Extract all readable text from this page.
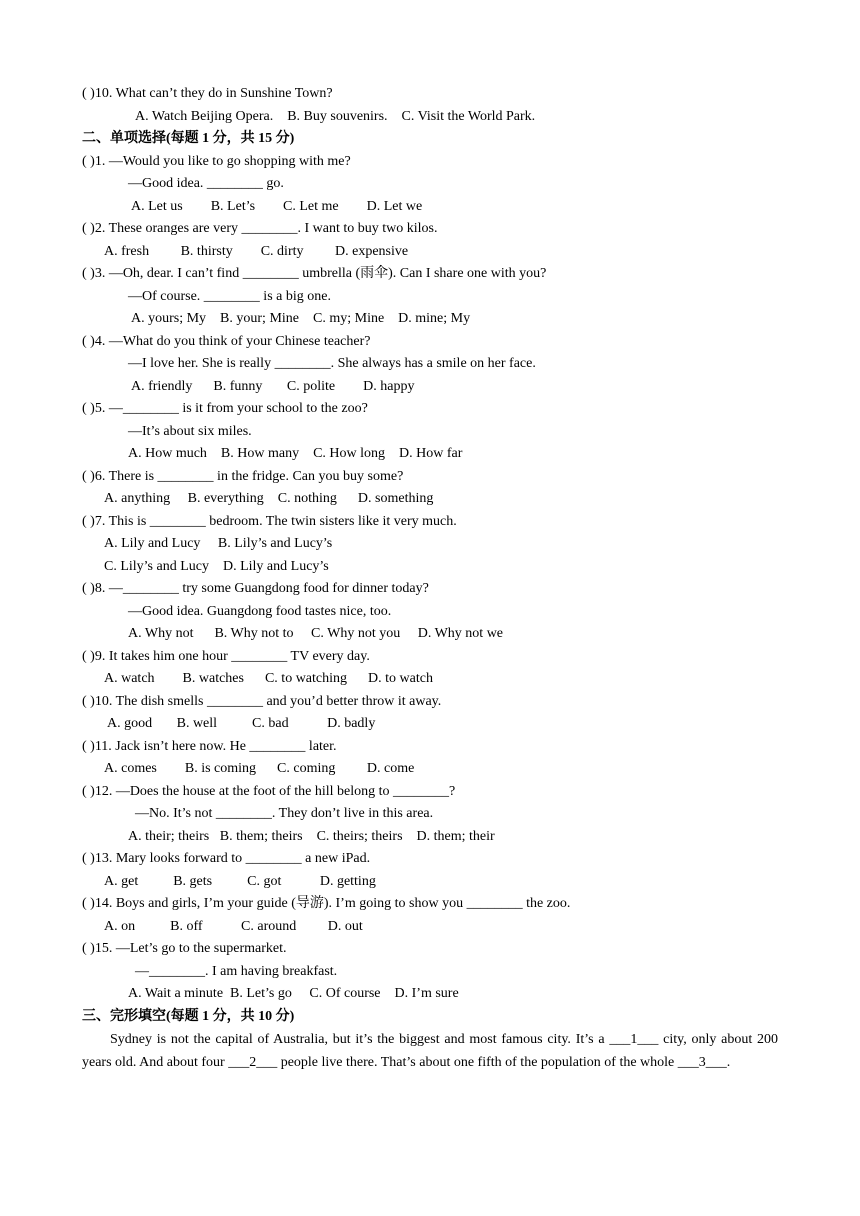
( )10. What can’t they do in Sunshine Town?
A. Watch Beijing Opera.    B. Buy souvenirs.    C. Visit the World Park.
二、单项选择(每题 1 分，共 15 分)
( )1. —Would you like to go shopping with me?
—Good idea. ________ go.
A. Let us        B. Let’s        C. Let me        D. Let we
( )2. These oranges are very ________. I want to buy two kilos.
A. fresh         B. thirsty        C. dirty         D. expensive
( )3. —Oh, dear. I can’t find ________ umbrella (雨伞). Can I share one with you?
—Of course. ________ is a big one.
A. yours; My    B. your; Mine    C. my; Mine    D. mine; My
( )4. —What do you think of your Chinese teacher?
—I love her. She is really ________. She always has a smile on her face.
A. friendly      B. funny       C. polite        D. happy
( )5. —________ is it from your school to the zoo?
—It’s about six miles.
A. How much    B. How many    C. How long    D. How far
( )6. There is ________ in the fridge. Can you buy some?
A. anything     B. everything    C. nothing      D. something
( )7. This is ________ bedroom. The twin sisters like it very much.
A. Lily and Lucy     B. Lily’s and Lucy’s
C. Lily’s and Lucy    D. Lily and Lucy’s
( )8. —________ try some Guangdong food for dinner today?
—Good idea. Guangdong food tastes nice, too.
A. Why not      B. Why not to     C. Why not you     D. Why not we
( )9. It takes him one hour ________ TV every day.
A. watch        B. watches      C. to watching      D. to watch
( )10. The dish smells ________ and you’d better throw it away.
A. good       B. well          C. bad           D. badly
( )11. Jack isn’t here now. He ________ later.
A. comes        B. is coming      C. coming         D. come
( )12. —Does the house at the foot of the hill belong to ________?
—No. It’s not ________. They don’t live in this area.
A. their; theirs   B. them; theirs    C. theirs; theirs    D. them; their
( )13. Mary looks forward to ________ a new iPad.
A. get          B. gets          C. got           D. getting
( )14. Boys and girls, I’m your guide (导游). I’m going to show you ________ the zoo.
A. on          B. off           C. around         D. out
( )15. —Let’s go to the supermarket.
—________. I am having breakfast.
A. Wait a minute  B. Let’s go     C. Of course    D. I’m sure
三、完形填空(每题 1 分，共 10 分)
Sydney is not the capital of Australia, but it’s the biggest and most famous city. It’s a ___1___ city, only about 200 years old. And about four ___2___ people live there. That’s about one fifth of the population of the whole ___3___.
